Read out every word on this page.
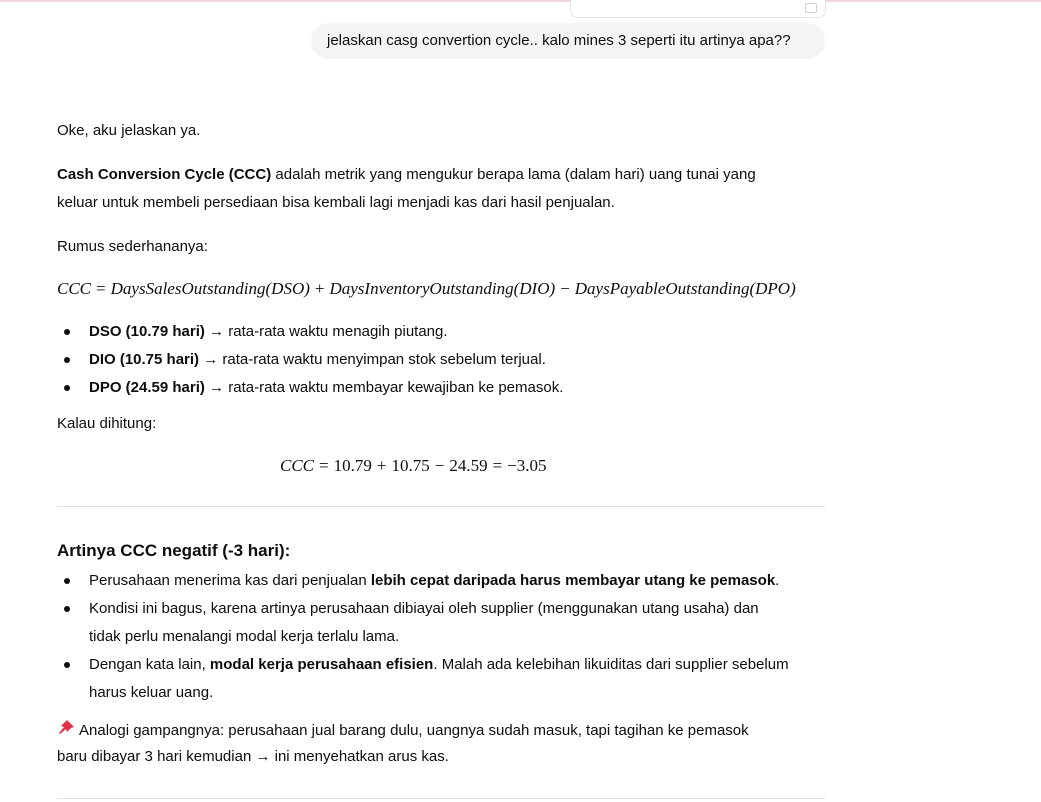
jelaskan casg convertion cycle.. kalo mines 3 seperti itu artinya apa??
Oke, aku jelaskan ya.
Cash Conversion Cycle (CCC) adalah metrik yang mengukur berapa lama (dalam hari) uang tunai yang
keluar untuk membeli persediaan bisa kembali lagi menjadi kas dari hasil penjualan.
Rumus sederhananya:
CCC = DaysSalesOutstanding(DSO) + DaysInventoryOutstanding(DIO) − DaysPayableOutstanding(DPO)
DSO (10.79 hari) → rata-rata waktu menagih piutang.
DIO (10.75 hari) → rata-rata waktu menyimpan stok sebelum terjual.
DPO (24.59 hari) → rata-rata waktu membayar kewajiban ke pemasok.
Kalau dihitung:
CCC = 10.79 + 10.75 − 24.59 = −3.05
Artinya CCC negatif (-3 hari):
Perusahaan menerima kas dari penjualan lebih cepat daripada harus membayar utang ke pemasok.
Kondisi ini bagus, karena artinya perusahaan dibiayai oleh supplier (menggunakan utang usaha) dan
tidak perlu menalangi modal kerja terlalu lama.
Dengan kata lain, modal kerja perusahaan efisien. Malah ada kelebihan likuiditas dari supplier sebelum
harus keluar uang.
Analogi gampangnya: perusahaan jual barang dulu, uangnya sudah masuk, tapi tagihan ke pemasok
baru dibayar 3 hari kemudian → ini menyehatkan arus kas.
